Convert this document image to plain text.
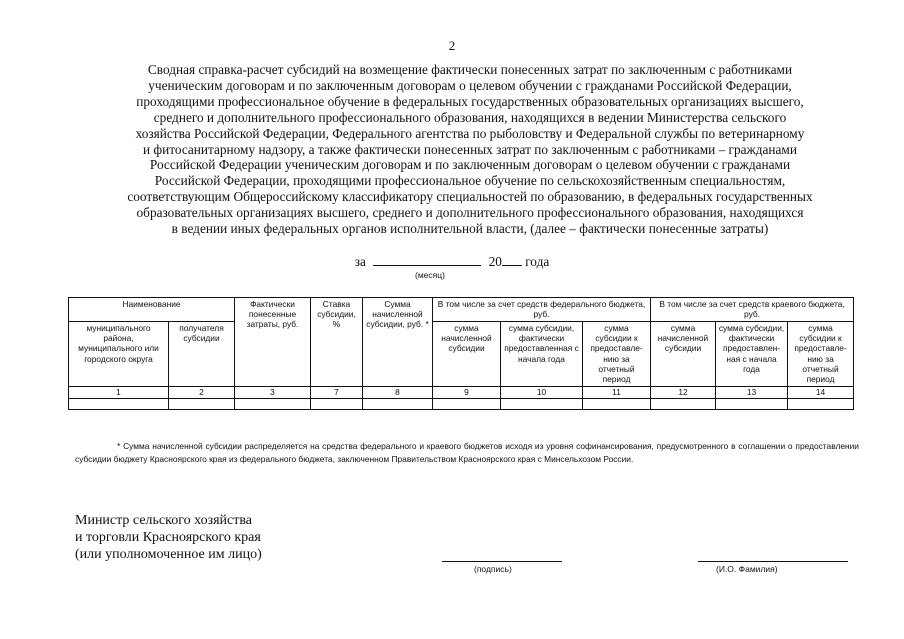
2
Сводная справка-расчет субсидий на возмещение фактически понесенных затрат по заключенным с работниками
ученическим договорам и по заключенным договорам о целевом обучении с гражданами Российской Федерации,
проходящими профессиональное обучение в федеральных государственных образовательных организациях высшего,
среднего и дополнительного профессионального образования, находящихся в ведении Министерства сельского
хозяйства Российской Федерации, Федерального агентства по рыболовству и Федеральной службы по ветеринарному
и фитосанитарному надзору, а также фактически понесенных затрат по заключенным с работниками – гражданами
Российской Федерации ученическим договорам и по заключенным договорам о целевом обучении с гражданами
Российской Федерации, проходящими профессиональное обучение по сельскохозяйственным специальностям,
соответствующим Общероссийскому классификатору специальностей по образованию, в федеральных государственных
образовательных организациях высшего, среднего и дополнительного профессионального образования, находящихся
в ведении иных федеральных органов исполнительной власти, (далее – фактически понесенные затраты)
за	20 года
(месяц)
Наименование		Фактически понесенные затраты, руб.	Ставка субсидии, %	Сумма начисленной субсидии, руб. *	В том числе за счет средств федерального бюджета, руб.			В том числе за счет средств краевого бюджета, руб.		
муниципального района, муниципального или городского округа	получателя субсидии				сумма начисленной субсидии	сумма субсидии, фактически предоставленная с начала года	сумма субсидии к предоставле-нию за отчетный период	сумма начисленной субсидии	сумма субсидии, фактически предоставлен-ная с начала года	сумма субсидии к предоставле-нию за отчетный период
1	2	3	7	8	9	10	11	12	13	14

* Сумма начисленной субсидии распределяется на средства федерального и краевого бюджетов исходя из уровня софинансирования, предусмотренного в соглашении о предоставлении субсидии бюджету Красноярского края из федерального бюджета, заключенном Правительством Красноярского края с Минсельхозом России.
Министр сельского хозяйства
и торговли Красноярского края
(или уполномоченное им лицо)
(подпись)	(И.О. Фамилия)
